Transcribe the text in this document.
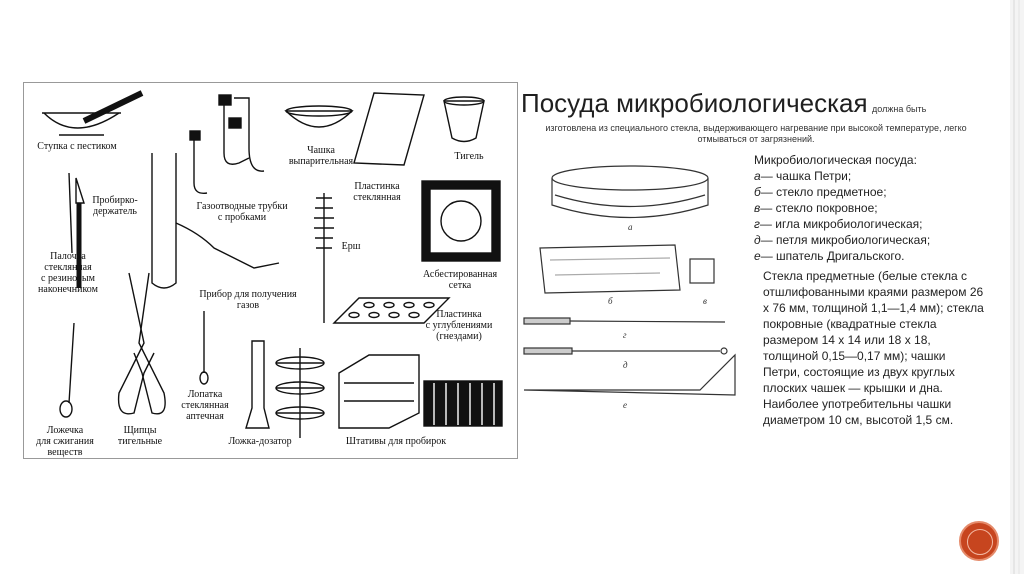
Ступка с пестиком	Чашка
выпарительная	Тигель
Пробирко-
держатель	Газоотводные трубки
с пробками
Пластинка
стеклянная
Ерш
Асбестированная
сетка
Палочка
стеклянная
с резиновым
наконечником	Прибор для получения
газов
Пластинка
с углублениями
(гнездами)
Ложечка
для сжигания
веществ
Щипцы
тигельные
Лопатка
стеклянная
аптечная
Ложка-дозатор	Штативы для пробирок
Посуда микробиологическая должна быть
изготовлена из специального стекла, выдерживающего нагревание при высокой температуре, легко отмываться от загрязнений.
а
б	в
г
д
е
Микробиологическая посуда:
а— чашка Петри;
б— стекло предметное;
в— стекло покровное;
г— игла микробиологическая;
д— петля микробиологическая;
е— шпатель Дригальского.
Стекла предметные (белые стекла с отшлифованными краями размером 26 х 76 мм, толщиной 1,1—1,4 мм); стекла покровные (квадратные стекла размером 14 х 14 или 18 х 18, толщиной 0,15—0,17 мм); чашки Петри, состоящие из двух круглых плоских чашек — крышки и дна. Наиболее употребительны чашки диаметром 10 см, высотой 1,5 см.
